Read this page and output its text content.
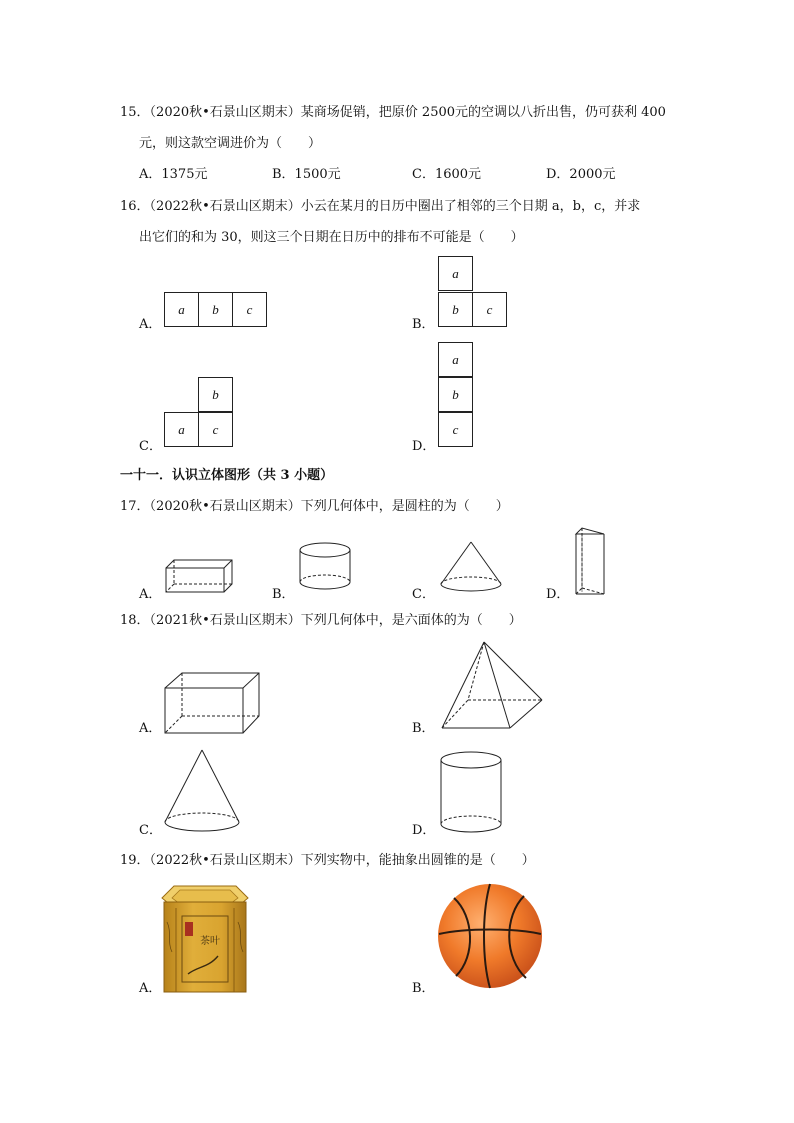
15．（2020秋•石景山区期末）某商场促销，把原价 2500元的空调以八折出售，仍可获利 400
元，则这款空调进价为（　　）
A．1375元	B．1500元	C．1600元	D．2000元
16．（2022秋•石景山区期末）小云在某月的日历中圈出了相邻的三个日期 a，b，c，并求
出它们的和为 30，则这三个日期在日历中的排布不可能是（　　）
A．
a	b	c
B．
a
b	c
C．
b
a	c
D．
a
b
c
一十一．认识立体图形（共 3 小题）
17．（2020秋•石景山区期末）下列几何体中，是圆柱的为（　　）
A．	B．	C．	D．
18．（2021秋•石景山区期末）下列几何体中，是六面体的为（　　）
A．	B．
C．	D．
19．（2022秋•石景山区期末）下列实物中，能抽象出圆锥的是（　　）
A．	B．
茶叶
